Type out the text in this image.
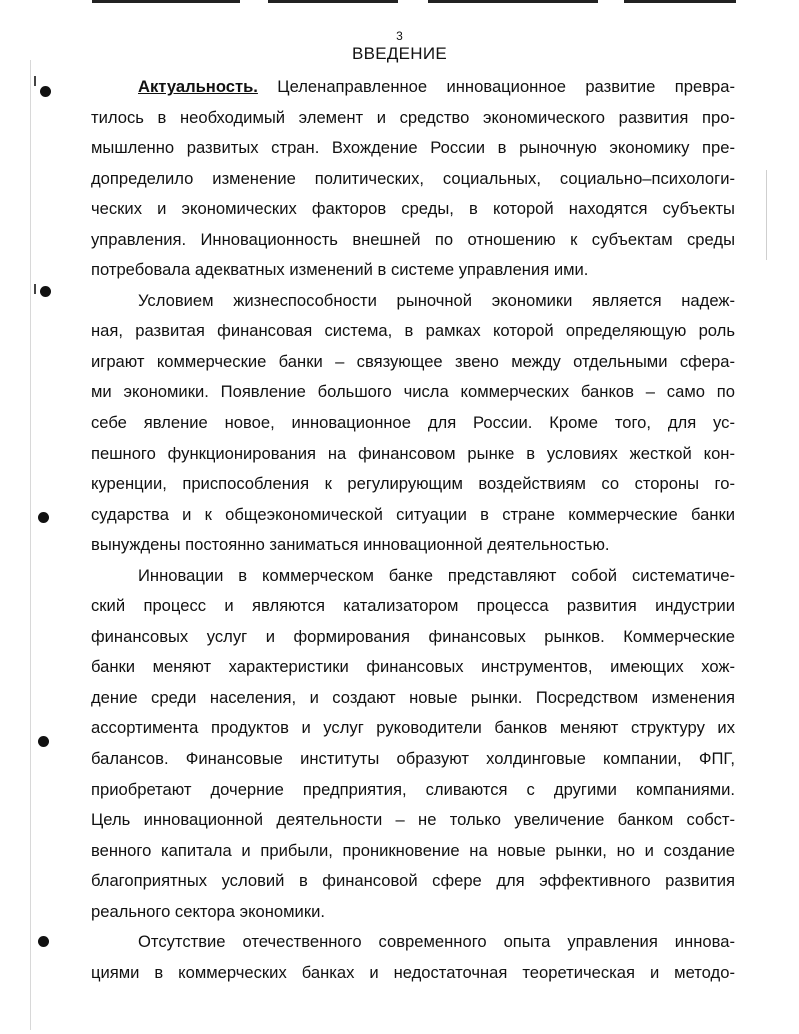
3
ВВЕДЕНИЕ
Актуальность. Целенаправленное инновационное развитие превра-
тилось в необходимый элемент и средство экономического развития про-
мышленно развитых стран. Вхождение России в рыночную экономику пре-
допределило изменение политических, социальных, социально–психологи-
ческих и экономических факторов среды, в которой находятся субъекты
управления. Инновационность внешней по отношению к субъектам среды
потребовала адекватных изменений в системе управления ими.
Условием жизнеспособности рыночной экономики является надеж-
ная, развитая финансовая система, в рамках которой определяющую роль
играют коммерческие банки – связующее звено между отдельными сфера-
ми экономики. Появление большого числа коммерческих банков – само по
себе явление новое, инновационное для России. Кроме того, для ус-
пешного функционирования на финансовом рынке в условиях жесткой кон-
куренции, приспособления к регулирующим воздействиям со стороны го-
сударства и к общеэкономической ситуации в стране коммерческие банки
вынуждены постоянно заниматься инновационной деятельностью.
Инновации в коммерческом банке представляют собой систематиче-
ский процесс и являются катализатором процесса развития индустрии
финансовых услуг и формирования финансовых рынков. Коммерческие
банки меняют характеристики финансовых инструментов, имеющих хож-
дение среди населения, и создают новые рынки. Посредством изменения
ассортимента продуктов и услуг руководители банков меняют структуру их
балансов. Финансовые институты образуют холдинговые компании, ФПГ,
приобретают дочерние предприятия, сливаются с другими компаниями.
Цель инновационной деятельности – не только увеличение банком собст-
венного капитала и прибыли, проникновение на новые рынки, но и создание
благоприятных условий в финансовой сфере для эффективного развития
реального сектора экономики.
Отсутствие отечественного современного опыта управления иннова-
циями в коммерческих банках и недостаточная теоретическая и методо-
